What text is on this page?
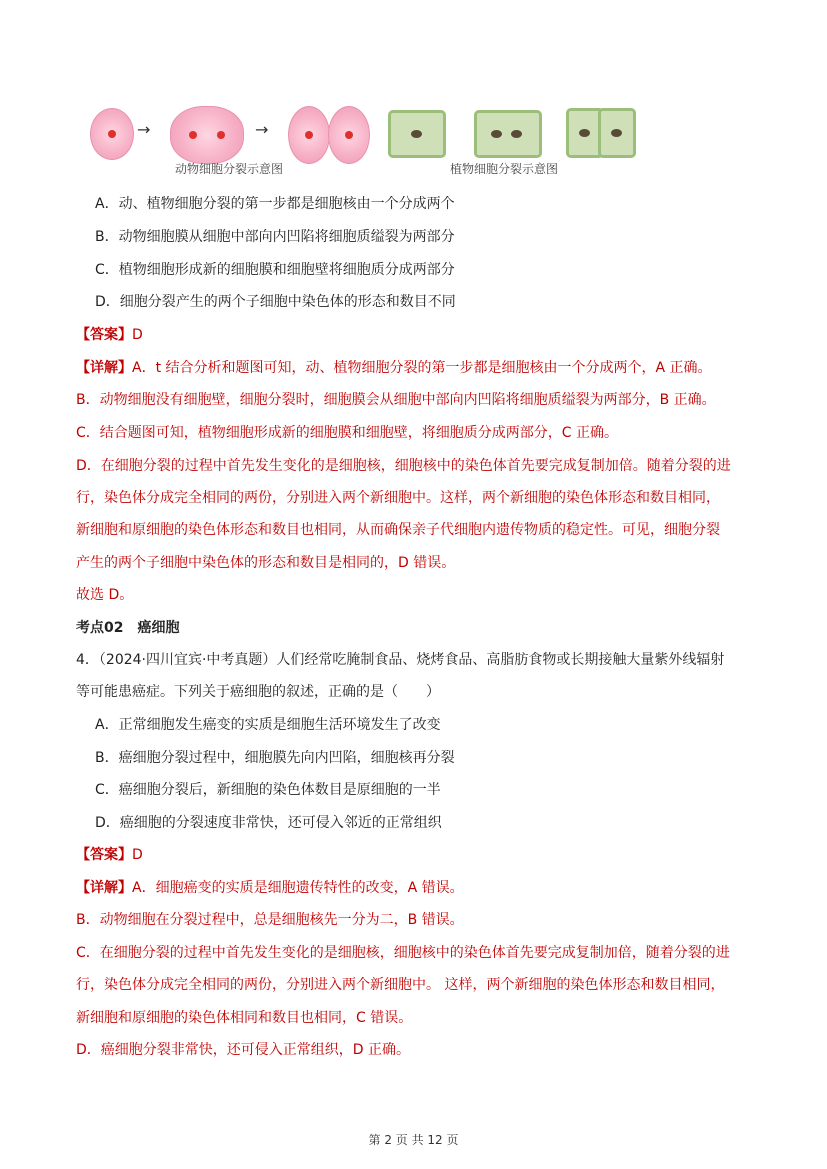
→	→
动物细胞分裂示意图	植物细胞分裂示意图
A．动、植物细胞分裂的第一步都是细胞核由一个分成两个
B．动物细胞膜从细胞中部向内凹陷将细胞质缢裂为两部分
C．植物细胞形成新的细胞膜和细胞壁将细胞质分成两部分
D．细胞分裂产生的两个子细胞中染色体的形态和数目不同
【答案】D
【详解】A．t 结合分析和题图可知，动、植物细胞分裂的第一步都是细胞核由一个分成两个，A 正确。
B．动物细胞没有细胞壁，细胞分裂时，细胞膜会从细胞中部向内凹陷将细胞质缢裂为两部分，B 正确。
C．结合题图可知，植物细胞形成新的细胞膜和细胞壁，将细胞质分成两部分，C 正确。
D．在细胞分裂的过程中首先发生变化的是细胞核，细胞核中的染色体首先要完成复制加倍。随着分裂的进
行，染色体分成完全相同的两份，分别进入两个新细胞中。这样，两个新细胞的染色体形态和数目相同，
新细胞和原细胞的染色体形态和数目也相同，从而确保亲子代细胞内遗传物质的稳定性。可见，细胞分裂
产生的两个子细胞中染色体的形态和数目是相同的，D 错误。
故选 D。
考点02 癌细胞
4．（2024·四川宜宾·中考真题）人们经常吃腌制食品、烧烤食品、高脂肪食物或长期接触大量紫外线辐射
等可能患癌症。下列关于癌细胞的叙述，正确的是（　　）
A．正常细胞发生癌变的实质是细胞生活环境发生了改变
B．癌细胞分裂过程中，细胞膜先向内凹陷，细胞核再分裂
C．癌细胞分裂后，新细胞的染色体数目是原细胞的一半
D．癌细胞的分裂速度非常快，还可侵入邻近的正常组织
【答案】D
【详解】A．细胞癌变的实质是细胞遗传特性的改变，A 错误。
B．动物细胞在分裂过程中，总是细胞核先一分为二，B 错误。
C．在细胞分裂的过程中首先发生变化的是细胞核，细胞核中的染色体首先要完成复制加倍，随着分裂的进
行，染色体分成完全相同的两份，分别进入两个新细胞中。 这样，两个新细胞的染色体形态和数目相同，
新细胞和原细胞的染色体相同和数目也相同，C 错误。
D．癌细胞分裂非常快，还可侵入正常组织，D 正确。
第 2 页 共 12 页
